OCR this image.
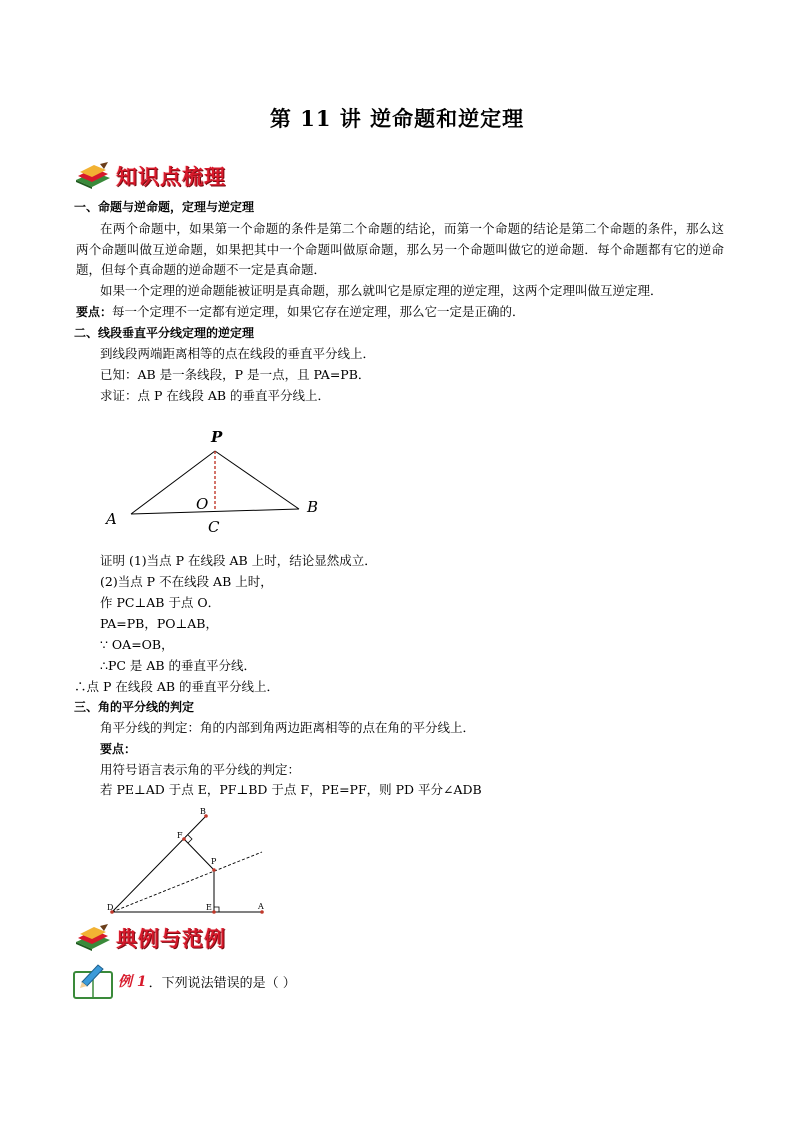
第 11 讲 逆命题和逆定理
知识点梳理
一、命题与逆命题，定理与逆定理
在两个命题中，如果第一个命题的条件是第二个命题的结论，而第一个命题的结论是第二个命题的条件，那么这两个命题叫做互逆命题，如果把其中一个命题叫做原命题，那么另一个命题叫做它的逆命题．每个命题都有它的逆命题，但每个真命题的逆命题不一定是真命题．
如果一个定理的逆命题能被证明是真命题，那么就叫它是原定理的逆定理，这两个定理叫做互逆定理．
要点：每一个定理不一定都有逆定理，如果它存在逆定理，那么它一定是正确的．
二、线段垂直平分线定理的逆定理
到线段两端距离相等的点在线段的垂直平分线上．
已知：AB 是一条线段，P 是一点，且 PA=PB．
求证：点 P 在线段 AB 的垂直平分线上．
P
A
B
O
C
证明 (1)当点 P 在线段 AB 上时，结论显然成立．
(2)当点 P 不在线段 AB 上时，
作 PC⊥AB 于点 O．
PA=PB，PO⊥AB，
∵ OA=OB，
∴PC 是 AB 的垂直平分线．
∴点 P 在线段 AB 的垂直平分线上．
三、角的平分线的判定
角平分线的判定：角的内部到角两边距离相等的点在角的平分线上．
要点：
用符号语言表示角的平分线的判定：
若 PE⊥AD 于点 E，PF⊥BD 于点 F，PE=PF，则 PD 平分∠ADB
B
F
P
D	E	A
典例与范例
例 1 ．下列说法错误的是（ ）
